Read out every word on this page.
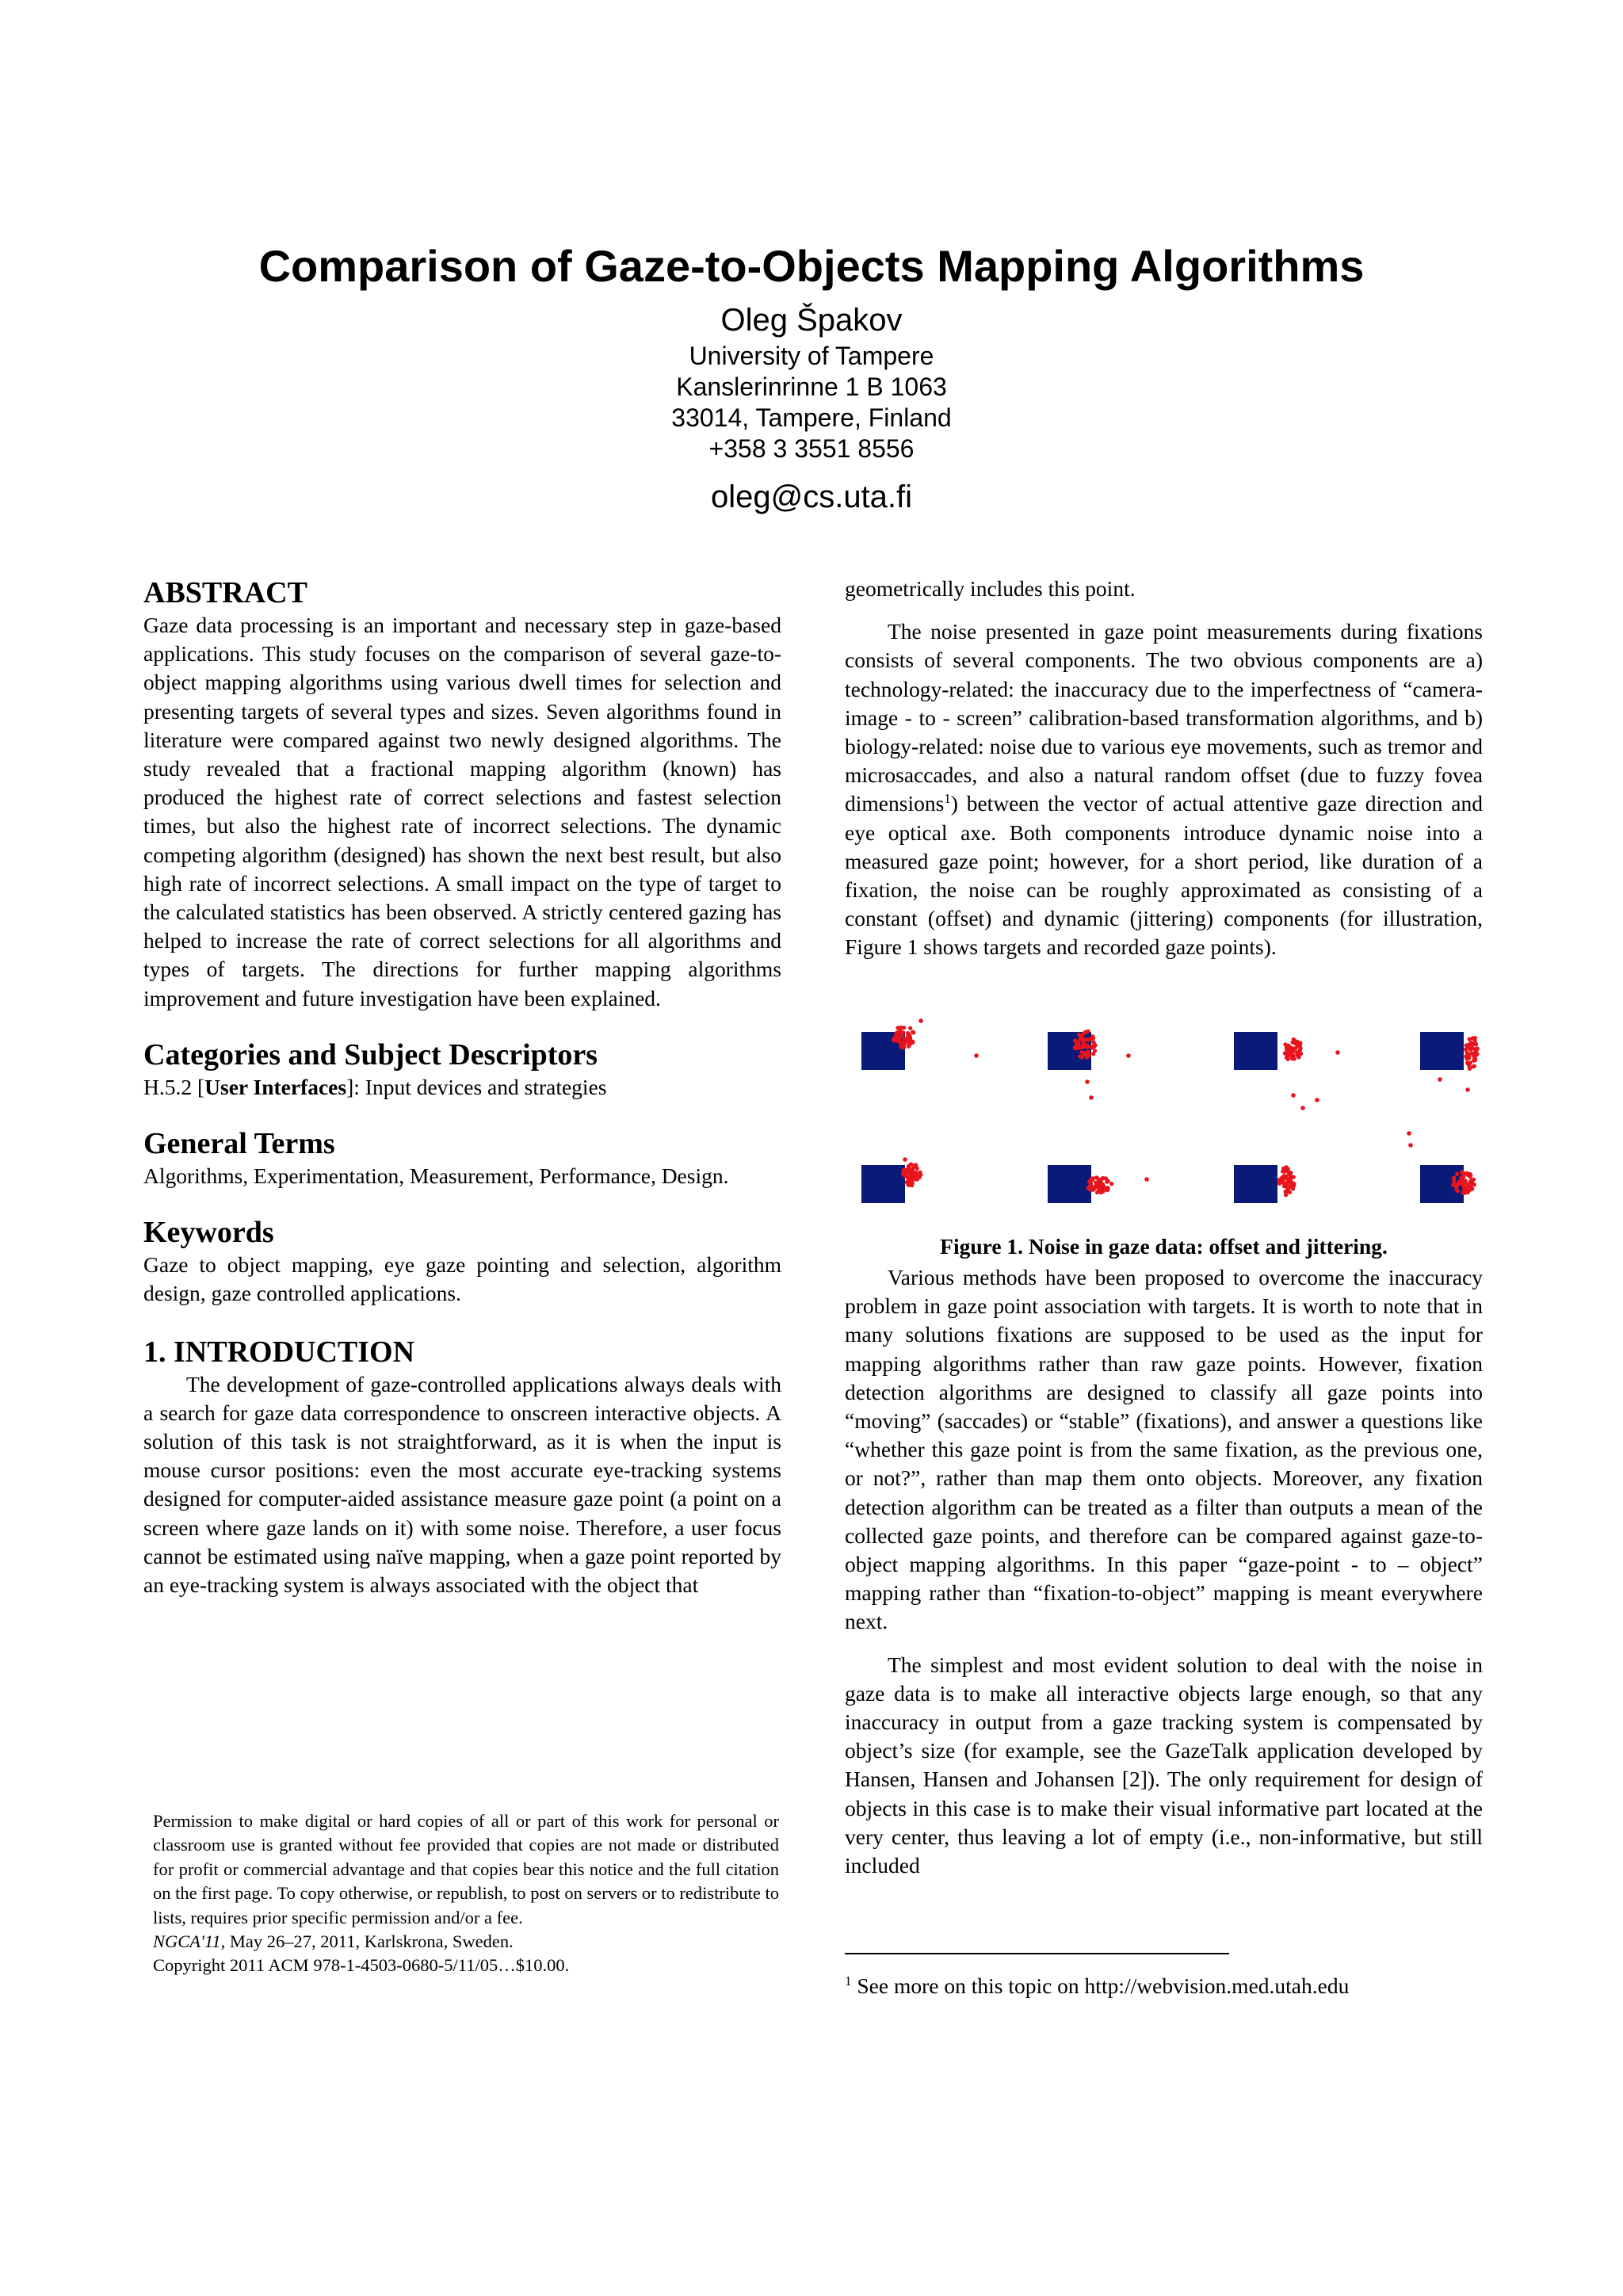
Comparison of Gaze-to-Objects Mapping Algorithms
Oleg Špakov
University of Tampere
Kanslerinrinne 1 B 1063
33014, Tampere, Finland
+358 3 3551 8556
oleg@cs.uta.fi
ABSTRACT

Gaze data processing is an important and necessary step in gaze-based applications. This study focuses on the comparison of several gaze-to-object mapping algorithms using various dwell times for selection and presenting targets of several types and sizes. Seven algorithms found in literature were compared against two newly designed algorithms. The study revealed that a fractional mapping algorithm (known) has produced the highest rate of correct selections and fastest selection times, but also the highest rate of incorrect selections. The dynamic competing algorithm (designed) has shown the next best result, but also high rate of incorrect selections. A small impact on the type of target to the calculated statistics has been observed. A strictly centered gazing has helped to increase the rate of correct selections for all algorithms and types of targets. The directions for further mapping algorithms improvement and future investigation have been explained.

Categories and Subject Descriptors

H.5.2 [User Interfaces]: Input devices and strategies

General Terms

Algorithms, Experimentation, Measurement, Performance, Design.

Keywords

Gaze to object mapping, eye gaze pointing and selection, algorithm design, gaze controlled applications.

1. INTRODUCTION

The development of gaze-controlled applications always deals with a search for gaze data correspondence to onscreen interactive objects. A solution of this task is not straightforward, as it is when the input is mouse cursor positions: even the most accurate eye-tracking systems designed for computer-aided assistance measure gaze point (a point on a screen where gaze lands on it) with some noise. Therefore, a user focus cannot be estimated using naïve mapping, when a gaze point reported by an eye-tracking system is always associated with the object that

Permission to make digital or hard copies of all or part of this work for personal or classroom use is granted without fee provided that copies are not made or distributed for profit or commercial advantage and that copies bear this notice and the full citation on the first page. To copy otherwise, or republish, to post on servers or to redistribute to lists, requires prior specific permission and/or a fee.

NGCA'11, May 26–27, 2011, Karlskrona, Sweden.

Copyright 2011 ACM 978-1-4503-0680-5/11/05…$10.00.

geometrically includes this point.

The noise presented in gaze point measurements during fixations consists of several components. The two obvious components are a) technology-related: the inaccuracy due to the imperfectness of “camera-image - to - screen” calibration-based transformation algorithms, and b) biology-related: noise due to various eye movements, such as tremor and microsaccades, and also a natural random offset (due to fuzzy fovea dimensions$^1$) between the vector of actual attentive gaze direction and eye optical axe. Both components introduce dynamic noise into a measured gaze point; however, for a short period, like duration of a fixation, the noise can be roughly approximated as consisting of a constant (offset) and dynamic (jittering) components (for illustration, Figure 1 shows targets and recorded gaze points).

Figure 1. Noise in gaze data: offset and jittering.

Various methods have been proposed to overcome the inaccuracy problem in gaze point association with targets. It is worth to note that in many solutions fixations are supposed to be used as the input for mapping algorithms rather than raw gaze points. However, fixation detection algorithms are designed to classify all gaze points into “moving” (saccades) or “stable” (fixations), and answer a questions like “whether this gaze point is from the same fixation, as the previous one, or not?”, rather than map them onto objects. Moreover, any fixation detection algorithm can be treated as a filter than outputs a mean of the collected gaze points, and therefore can be compared against gaze-to-object mapping algorithms. In this paper “gaze-point - to – object” mapping rather than “fixation-to-object” mapping is meant everywhere next.

The simplest and most evident solution to deal with the noise in gaze data is to make all interactive objects large enough, so that any inaccuracy in output from a gaze tracking system is compensated by object’s size (for example, see the GazeTalk application developed by Hansen, Hansen and Johansen [2]). The only requirement for design of objects in this case is to make their visual informative part located at the very center, thus leaving a lot of empty (i.e., non-informative, but still included

$^1$ See more on this topic on http://webvision.med.utah.edu
